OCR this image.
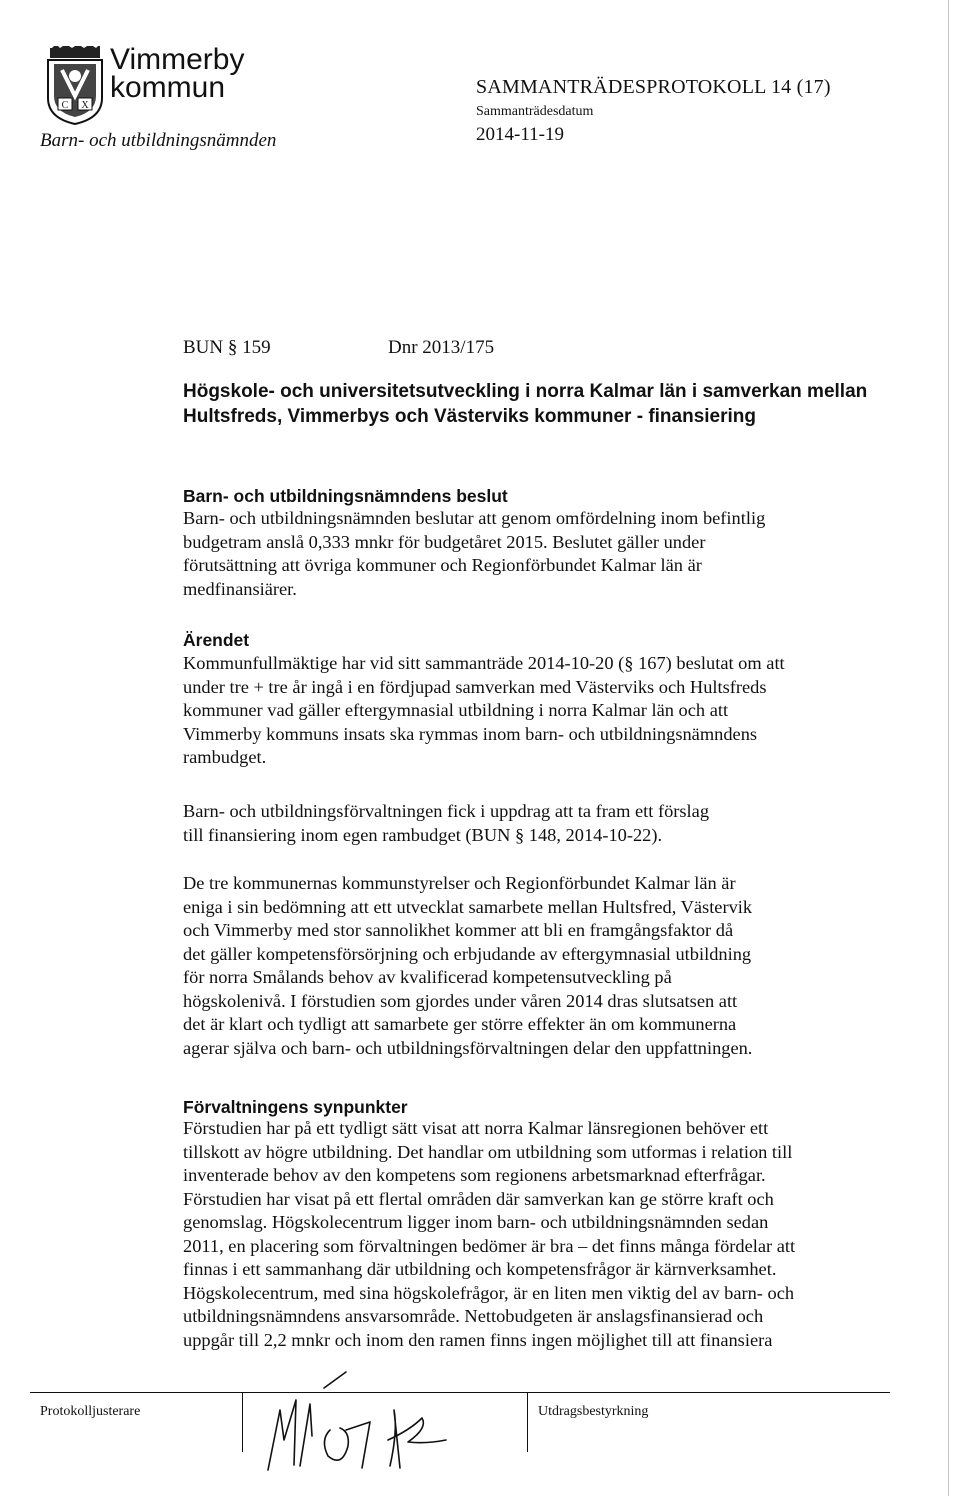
C X
Vimmerby
kommun
Barn- och utbildningsnämnden
SAMMANTRÄDESPROTOKOLL 14 (17)
Sammanträdesdatum
2014-11-19
BUN § 159	Dnr 2013/175
Högskole- och universitetsutveckling i norra Kalmar län i samverkan mellan Hultsfreds, Vimmerbys och Västerviks kommuner - finansiering
Barn- och utbildningsnämndens beslut
Barn- och utbildningsnämnden beslutar att genom omfördelning inom befintlig
budgetram anslå 0,333 mnkr för budgetåret 2015. Beslutet gäller under
förutsättning att övriga kommuner och Regionförbundet Kalmar län är
medfinansiärer.
Ärendet
Kommunfullmäktige har vid sitt sammanträde 2014-10-20 (§ 167) beslutat om att
under tre + tre år ingå i en fördjupad samverkan med Västerviks och Hultsfreds
kommuner vad gäller eftergymnasial utbildning i norra Kalmar län och att
Vimmerby kommuns insats ska rymmas inom barn- och utbildningsnämndens
rambudget.
Barn- och utbildningsförvaltningen fick i uppdrag att ta fram ett förslag
till finansiering inom egen rambudget (BUN § 148, 2014-10-22).
De tre kommunernas kommunstyrelser och Regionförbundet Kalmar län är
eniga i sin bedömning att ett utvecklat samarbete mellan Hultsfred, Västervik
och Vimmerby med stor sannolikhet kommer att bli en framgångsfaktor då
det gäller kompetensförsörjning och erbjudande av eftergymnasial utbildning
för norra Smålands behov av kvalificerad kompetensutveckling på
högskolenivå. I förstudien som gjordes under våren 2014 dras slutsatsen att
det är klart och tydligt att samarbete ger större effekter än om kommunerna
agerar själva och barn- och utbildningsförvaltningen delar den uppfattningen.
Förvaltningens synpunkter
Förstudien har på ett tydligt sätt visat att norra Kalmar länsregionen behöver ett
tillskott av högre utbildning. Det handlar om utbildning som utformas i relation till
inventerade behov av den kompetens som regionens arbetsmarknad efterfrågar.
Förstudien har visat på ett flertal områden där samverkan kan ge större kraft och
genomslag. Högskolecentrum ligger inom barn- och utbildningsnämnden sedan
2011, en placering som förvaltningen bedömer är bra – det finns många fördelar att
finnas i ett sammanhang där utbildning och kompetensfrågor är kärnverksamhet.
Högskolecentrum, med sina högskolefrågor, är en liten men viktig del av barn- och
utbildningsnämndens ansvarsområde. Nettobudgeten är anslagsfinansierad och
uppgår till 2,2 mnkr och inom den ramen finns ingen möjlighet till att finansiera
Protokolljusterare	Utdragsbestyrkning
